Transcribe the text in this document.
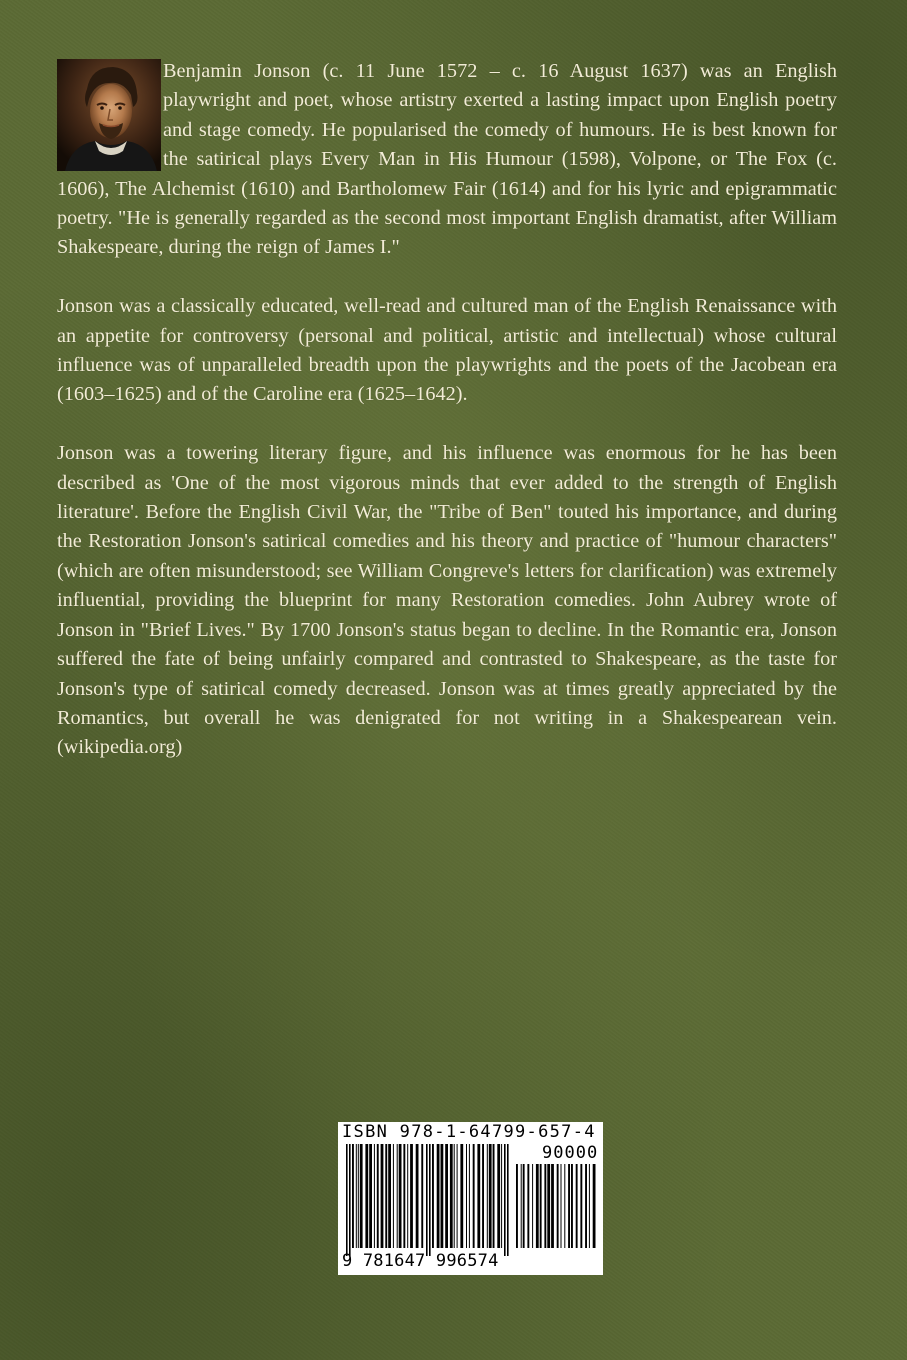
Benjamin Jonson (c. 11 June 1572 – c. 16 August 1637) was an English playwright and poet, whose artistry exerted a lasting impact upon English poetry and stage comedy. He popularised the comedy of humours. He is best known for the satirical plays Every Man in His Humour (1598), Volpone, or The Fox (c. 1606), The Alchemist (1610) and Bartholomew Fair (1614) and for his lyric and epigrammatic poetry. "He is generally regarded as the second most important English dramatist, after William Shakespeare, during the reign of James I."

Jonson was a classically educated, well-read and cultured man of the English Renaissance with an appetite for controversy (personal and political, artistic and intellectual) whose cultural influence was of unparalleled breadth upon the playwrights and the poets of the Jacobean era (1603–1625) and of the Caroline era (1625–1642).

Jonson was a towering literary figure, and his influence was enormous for he has been described as 'One of the most vigorous minds that ever added to the strength of English literature'. Before the English Civil War, the "Tribe of Ben" touted his importance, and during the Restoration Jonson's satirical comedies and his theory and practice of "humour characters" (which are often misunderstood; see William Congreve's letters for clarification) was extremely influential, providing the blueprint for many Restoration comedies. John Aubrey wrote of Jonson in "Brief Lives." By 1700 Jonson's status began to decline. In the Romantic era, Jonson suffered the fate of being unfairly compared and contrasted to Shakespeare, as the taste for Jonson's type of satirical comedy decreased. Jonson was at times greatly appreciated by the Romantics, but overall he was denigrated for not writing in a Shakespearean vein. (wikipedia.org)

ISBN 978-1-64799-657-4
90000
9 781647 996574
